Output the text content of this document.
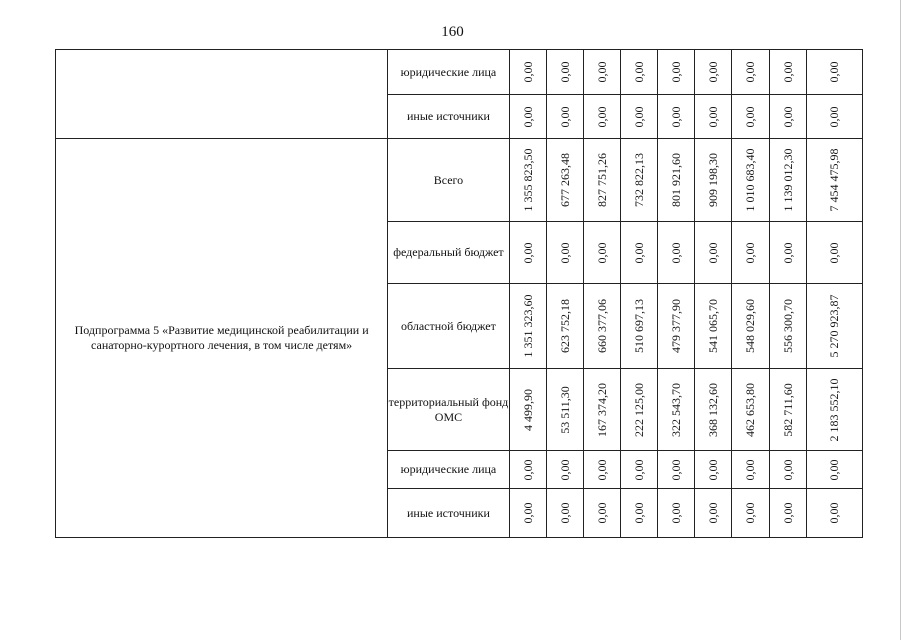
160
	юридические лица	0,00	0,00	0,00	0,00	0,00	0,00	0,00	0,00	0,00

	иные источники	0,00	0,00	0,00	0,00	0,00	0,00	0,00	0,00	0,00

Подпрограмма 5 «Развитие медицинской реабилитации и санаторно-курортного лечения, в том числе детям»	Всего	1 355 823,50	677 263,48	827 751,26	732 822,13	801 921,60	909 198,30	1 010 683,40	1 139 012,30	7 454 475,98

	федеральный бюджет	0,00	0,00	0,00	0,00	0,00	0,00	0,00	0,00	0,00

	областной бюджет	1 351 323,60	623 752,18	660 377,06	510 697,13	479 377,90	541 065,70	548 029,60	556 300,70	5 270 923,87

	территориальный фонд ОМС	4 499,90	53 511,30	167 374,20	222 125,00	322 543,70	368 132,60	462 653,80	582 711,60	2 183 552,10

	юридические лица	0,00	0,00	0,00	0,00	0,00	0,00	0,00	0,00	0,00

	иные источники	0,00	0,00	0,00	0,00	0,00	0,00	0,00	0,00	0,00
